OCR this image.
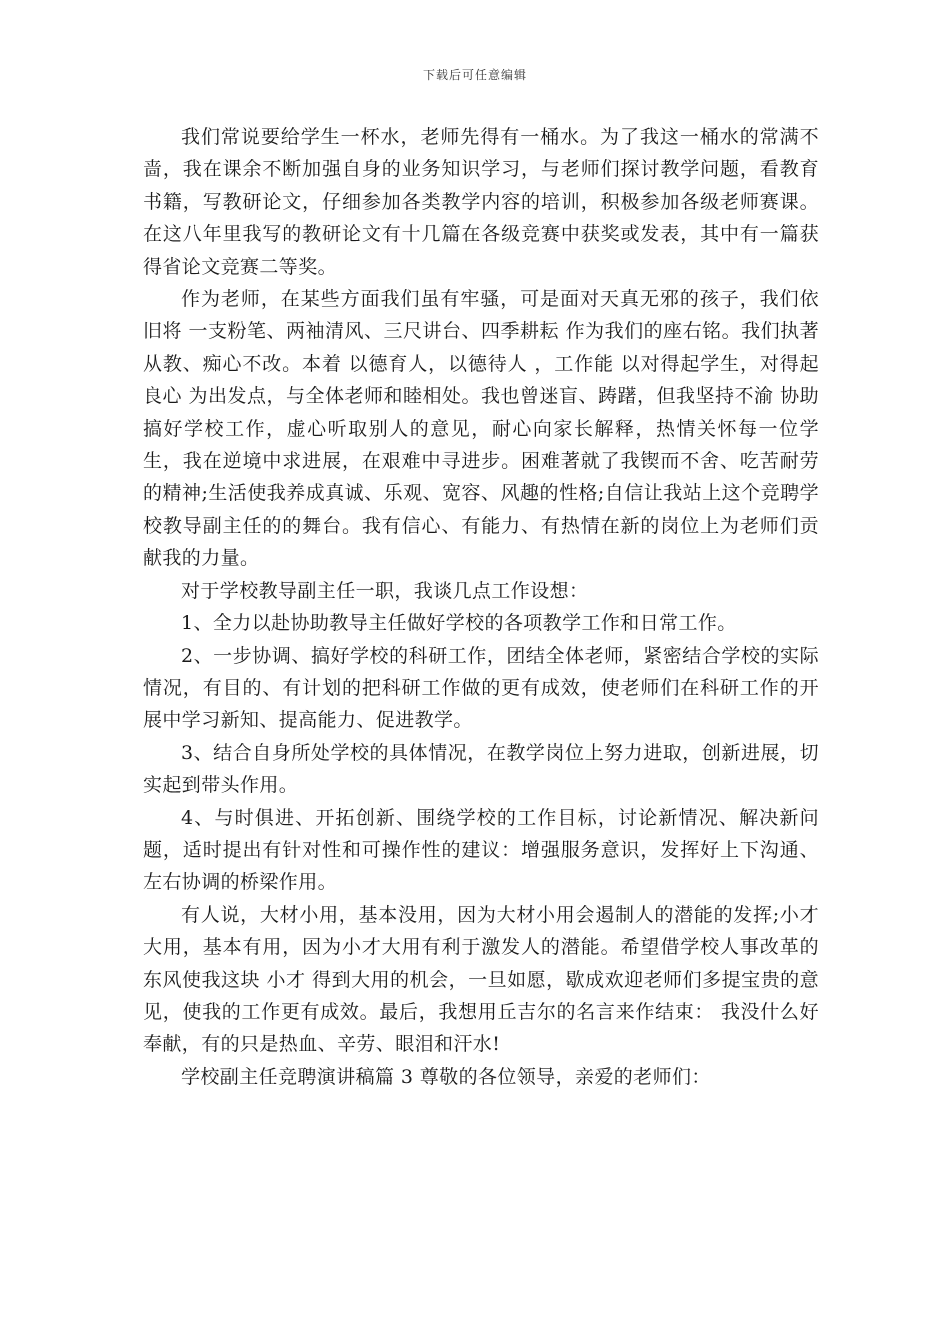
下载后可任意编辑

我们常说要给学生一杯水，老师先得有一桶水。为了我这一桶水的常满不啬，我在课余不断加强自身的业务知识学习，与老师们探讨教学问题，看教育书籍，写教研论文，仔细参加各类教学内容的培训，积极参加各级老师赛课。在这八年里我写的教研论文有十几篇在各级竞赛中获奖或发表，其中有一篇获得省论文竞赛二等奖。

作为老师，在某些方面我们虽有牢骚，可是面对天真无邪的孩子，我们依旧将 一支粉笔、两袖清风、三尺讲台、四季耕耘 作为我们的座右铭。我们执著从教、痴心不改。本着 以德育人，以德待人 ，工作能 以对得起学生，对得起良心 为出发点，与全体老师和睦相处。我也曾迷盲、踌躇，但我坚持不渝 协助搞好学校工作，虚心听取别人的意见，耐心向家长解释，热情关怀每一位学生，我在逆境中求进展，在艰难中寻进步。困难著就了我锲而不舍、吃苦耐劳的精神;生活使我养成真诚、乐观、宽容、风趣的性格;自信让我站上这个竞聘学校教导副主任的的舞台。我有信心、有能力、有热情在新的岗位上为老师们贡献我的力量。

对于学校教导副主任一职，我谈几点工作设想：

1、全力以赴协助教导主任做好学校的各项教学工作和日常工作。

2、一步协调、搞好学校的科研工作，团结全体老师，紧密结合学校的实际情况，有目的、有计划的把科研工作做的更有成效，使老师们在科研工作的开展中学习新知、提高能力、促进教学。

3、结合自身所处学校的具体情况，在教学岗位上努力进取，创新进展，切实起到带头作用。

4、与时俱进、开拓创新、围绕学校的工作目标，讨论新情况、解决新问题，适时提出有针对性和可操作性的建议：增强服务意识，发挥好上下沟通、左右协调的桥梁作用。

有人说，大材小用，基本没用，因为大材小用会遏制人的潜能的发挥;小才大用，基本有用，因为小才大用有利于激发人的潜能。希望借学校人事改革的东风使我这块 小才 得到大用的机会，一旦如愿，歇成欢迎老师们多提宝贵的意见，使我的工作更有成效。最后，我想用丘吉尔的名言来作结束： 我没什么好奉献，有的只是热血、辛劳、眼泪和汗水!

学校副主任竞聘演讲稿篇 3 尊敬的各位领导，亲爱的老师们：
